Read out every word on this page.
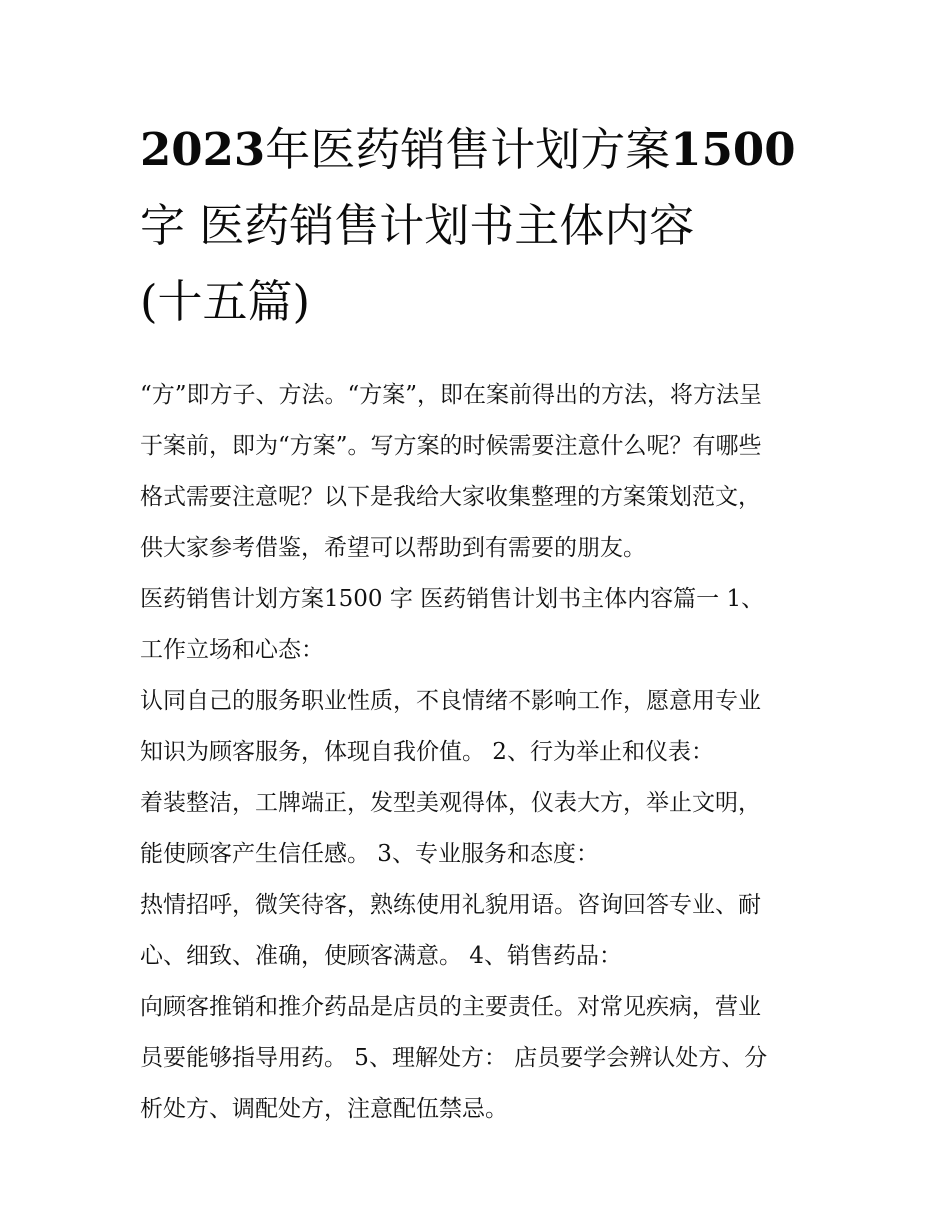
2023年医药销售计划方案1500
字 医药销售计划书主体内容
(十五篇)

“方”即方子、方法。“方案”，即在案前得出的方法，将方法呈
于案前，即为“方案”。写方案的时候需要注意什么呢？有哪些
格式需要注意呢？以下是我给大家收集整理的方案策划范文，
供大家参考借鉴，希望可以帮助到有需要的朋友。

医药销售计划方案1500 字 医药销售计划书主体内容篇一 1、
工作立场和心态：

认同自己的服务职业性质，不良情绪不影响工作，愿意用专业
知识为顾客服务，体现自我价值。 2、行为举止和仪表：

着装整洁，工牌端正，发型美观得体，仪表大方，举止文明，
能使顾客产生信任感。 3、专业服务和态度：

热情招呼，微笑待客，熟练使用礼貌用语。咨询回答专业、耐
心、细致、准确，使顾客满意。 4、销售药品：

向顾客推销和推介药品是店员的主要责任。对常见疾病，营业
员要能够指导用药。 5、理解处方： 店员要学会辨认处方、分
析处方、调配处方，注意配伍禁忌。
